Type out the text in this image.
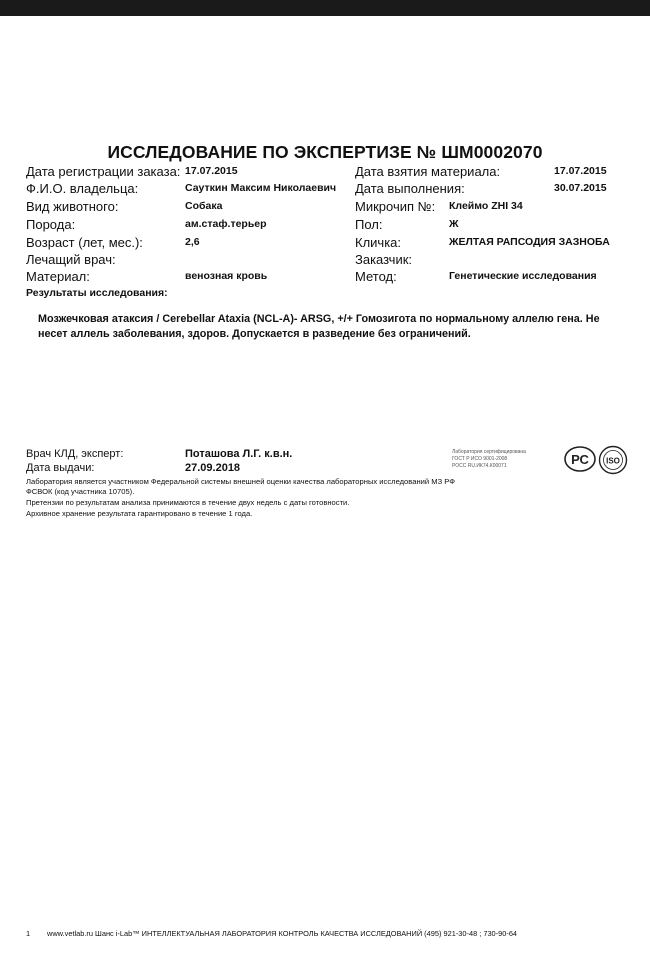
ИССЛЕДОВАНИЕ ПО ЭКСПЕРТИЗЕ № ШМ0002070
Дата регистрации заказа: 17.07.2015
Ф.И.О. владельца:	Сауткин Максим Николаевич
Вид животного:	Собака
Порода:	ам.стаф.терьер
Возраст (лет, мес.):	2,6
Лечащий врач:
Материал:	венозная кровь
Дата взятия материала:	17.07.2015
Дата выполнения:	30.07.2015
Микрочип №: Клеймо ZHI 34
Пол:	Ж
Кличка:	ЖЕЛТАЯ РАПСОДИЯ ЗАЗНОБА
Заказчик:
Метод:	Генетические исследования
Результаты исследования:
Мозжечковая атаксия / Cerebellar Ataxia (NCL-A)- ARSG, +/+ Гомозигота по нормальному аллелю гена. Не несет аллель заболевания, здоров. Допускается в разведение без ограничений.
Врач КЛД, эксперт:	Поташова Л.Г. к.в.н.
Дата выдачи:	27.09.2018
Лаборатория является участником Федеральной системы внешней оценки качества лабораторных исследований МЗ РФ
ФСВОК (код участника 10705).
Претензии по результатам анализа принимаются в течение двух недель с даты готовности.
Архивное хранение результата гарантировано в течение 1 года.
Лаборатория сертифицирована
ГОСТ Р ИСО 9001-2008
РОСС RU.ИК74.К00071	РС ISO
1 www.vetlab.ru Шанс i-Lab™ ИНТЕЛЛЕКТУАЛЬНАЯ ЛАБОРАТОРИЯ КОНТРОЛЬ КАЧЕСТВА ИССЛЕДОВАНИЙ (495) 921-30-48 ; 730-90-64
